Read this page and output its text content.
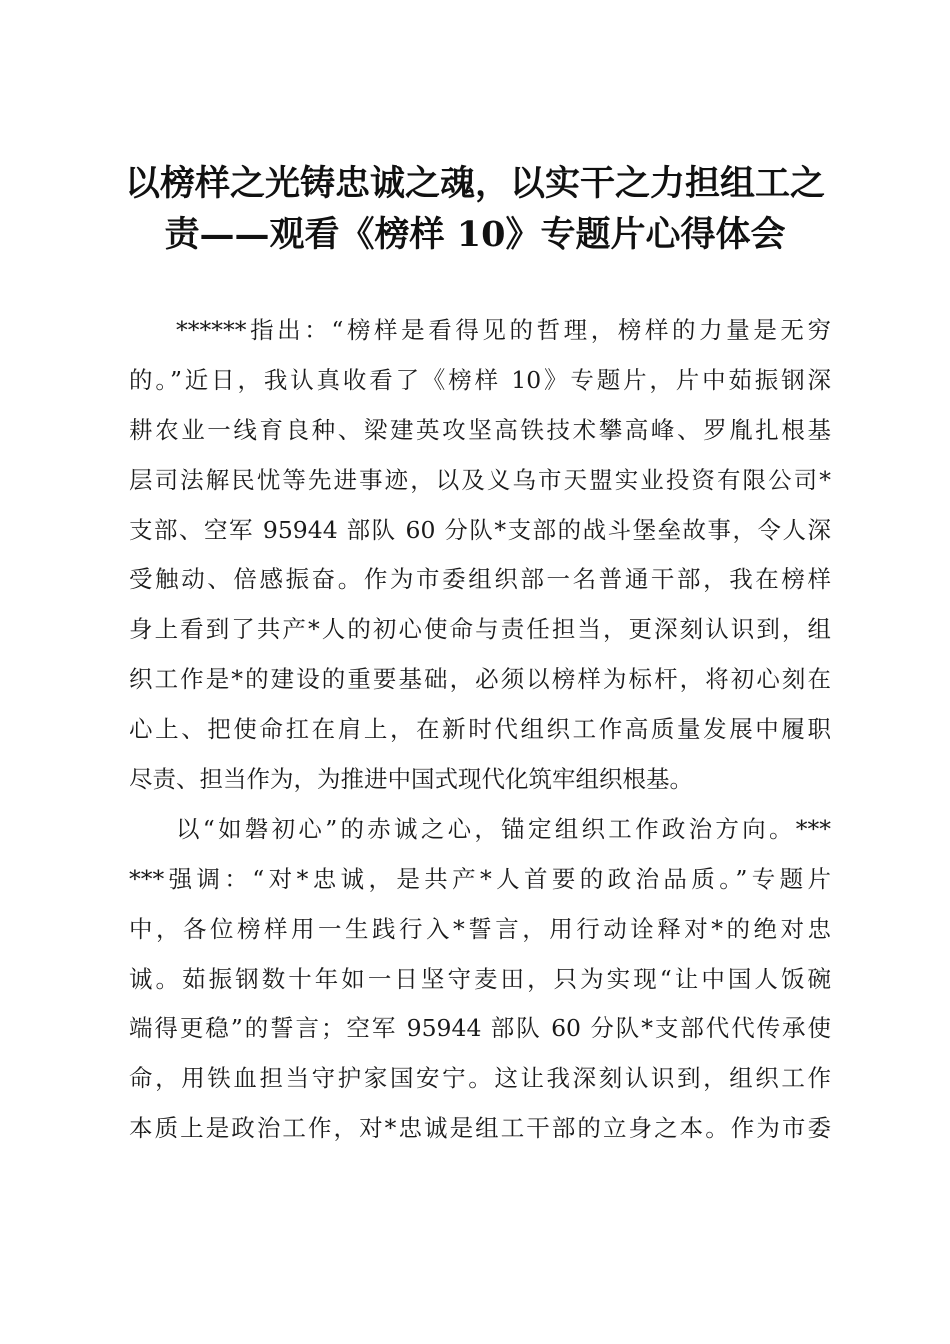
以榜样之光铸忠诚之魂，以实干之力担组工之
责——观看《榜样 10》专题片心得体会
******指出：“榜样是看得见的哲理，榜样的力量是无穷
的。”近日，我认真收看了《榜样 10》专题片，片中茹振钢深
耕农业一线育良种、梁建英攻坚高铁技术攀高峰、罗胤扎根基
层司法解民忧等先进事迹，以及义乌市天盟实业投资有限公司*
支部、空军 95944 部队 60 分队*支部的战斗堡垒故事，令人深
受触动、倍感振奋。作为市委组织部一名普通干部，我在榜样
身上看到了共产*人的初心使命与责任担当，更深刻认识到，组
织工作是*的建设的重要基础，必须以榜样为标杆，将初心刻在
心上、把使命扛在肩上，在新时代组织工作高质量发展中履职
尽责、担当作为，为推进中国式现代化筑牢组织根基。
以“如磐初心”的赤诚之心，锚定组织工作政治方向。***
***强调：“对*忠诚，是共产*人首要的政治品质。”专题片
中，各位榜样用一生践行入*誓言，用行动诠释对*的绝对忠
诚。茹振钢数十年如一日坚守麦田，只为实现“让中国人饭碗
端得更稳”的誓言；空军 95944 部队 60 分队*支部代代传承使
命，用铁血担当守护家国安宁。这让我深刻认识到，组织工作
本质上是政治工作，对*忠诚是组工干部的立身之本。作为市委
